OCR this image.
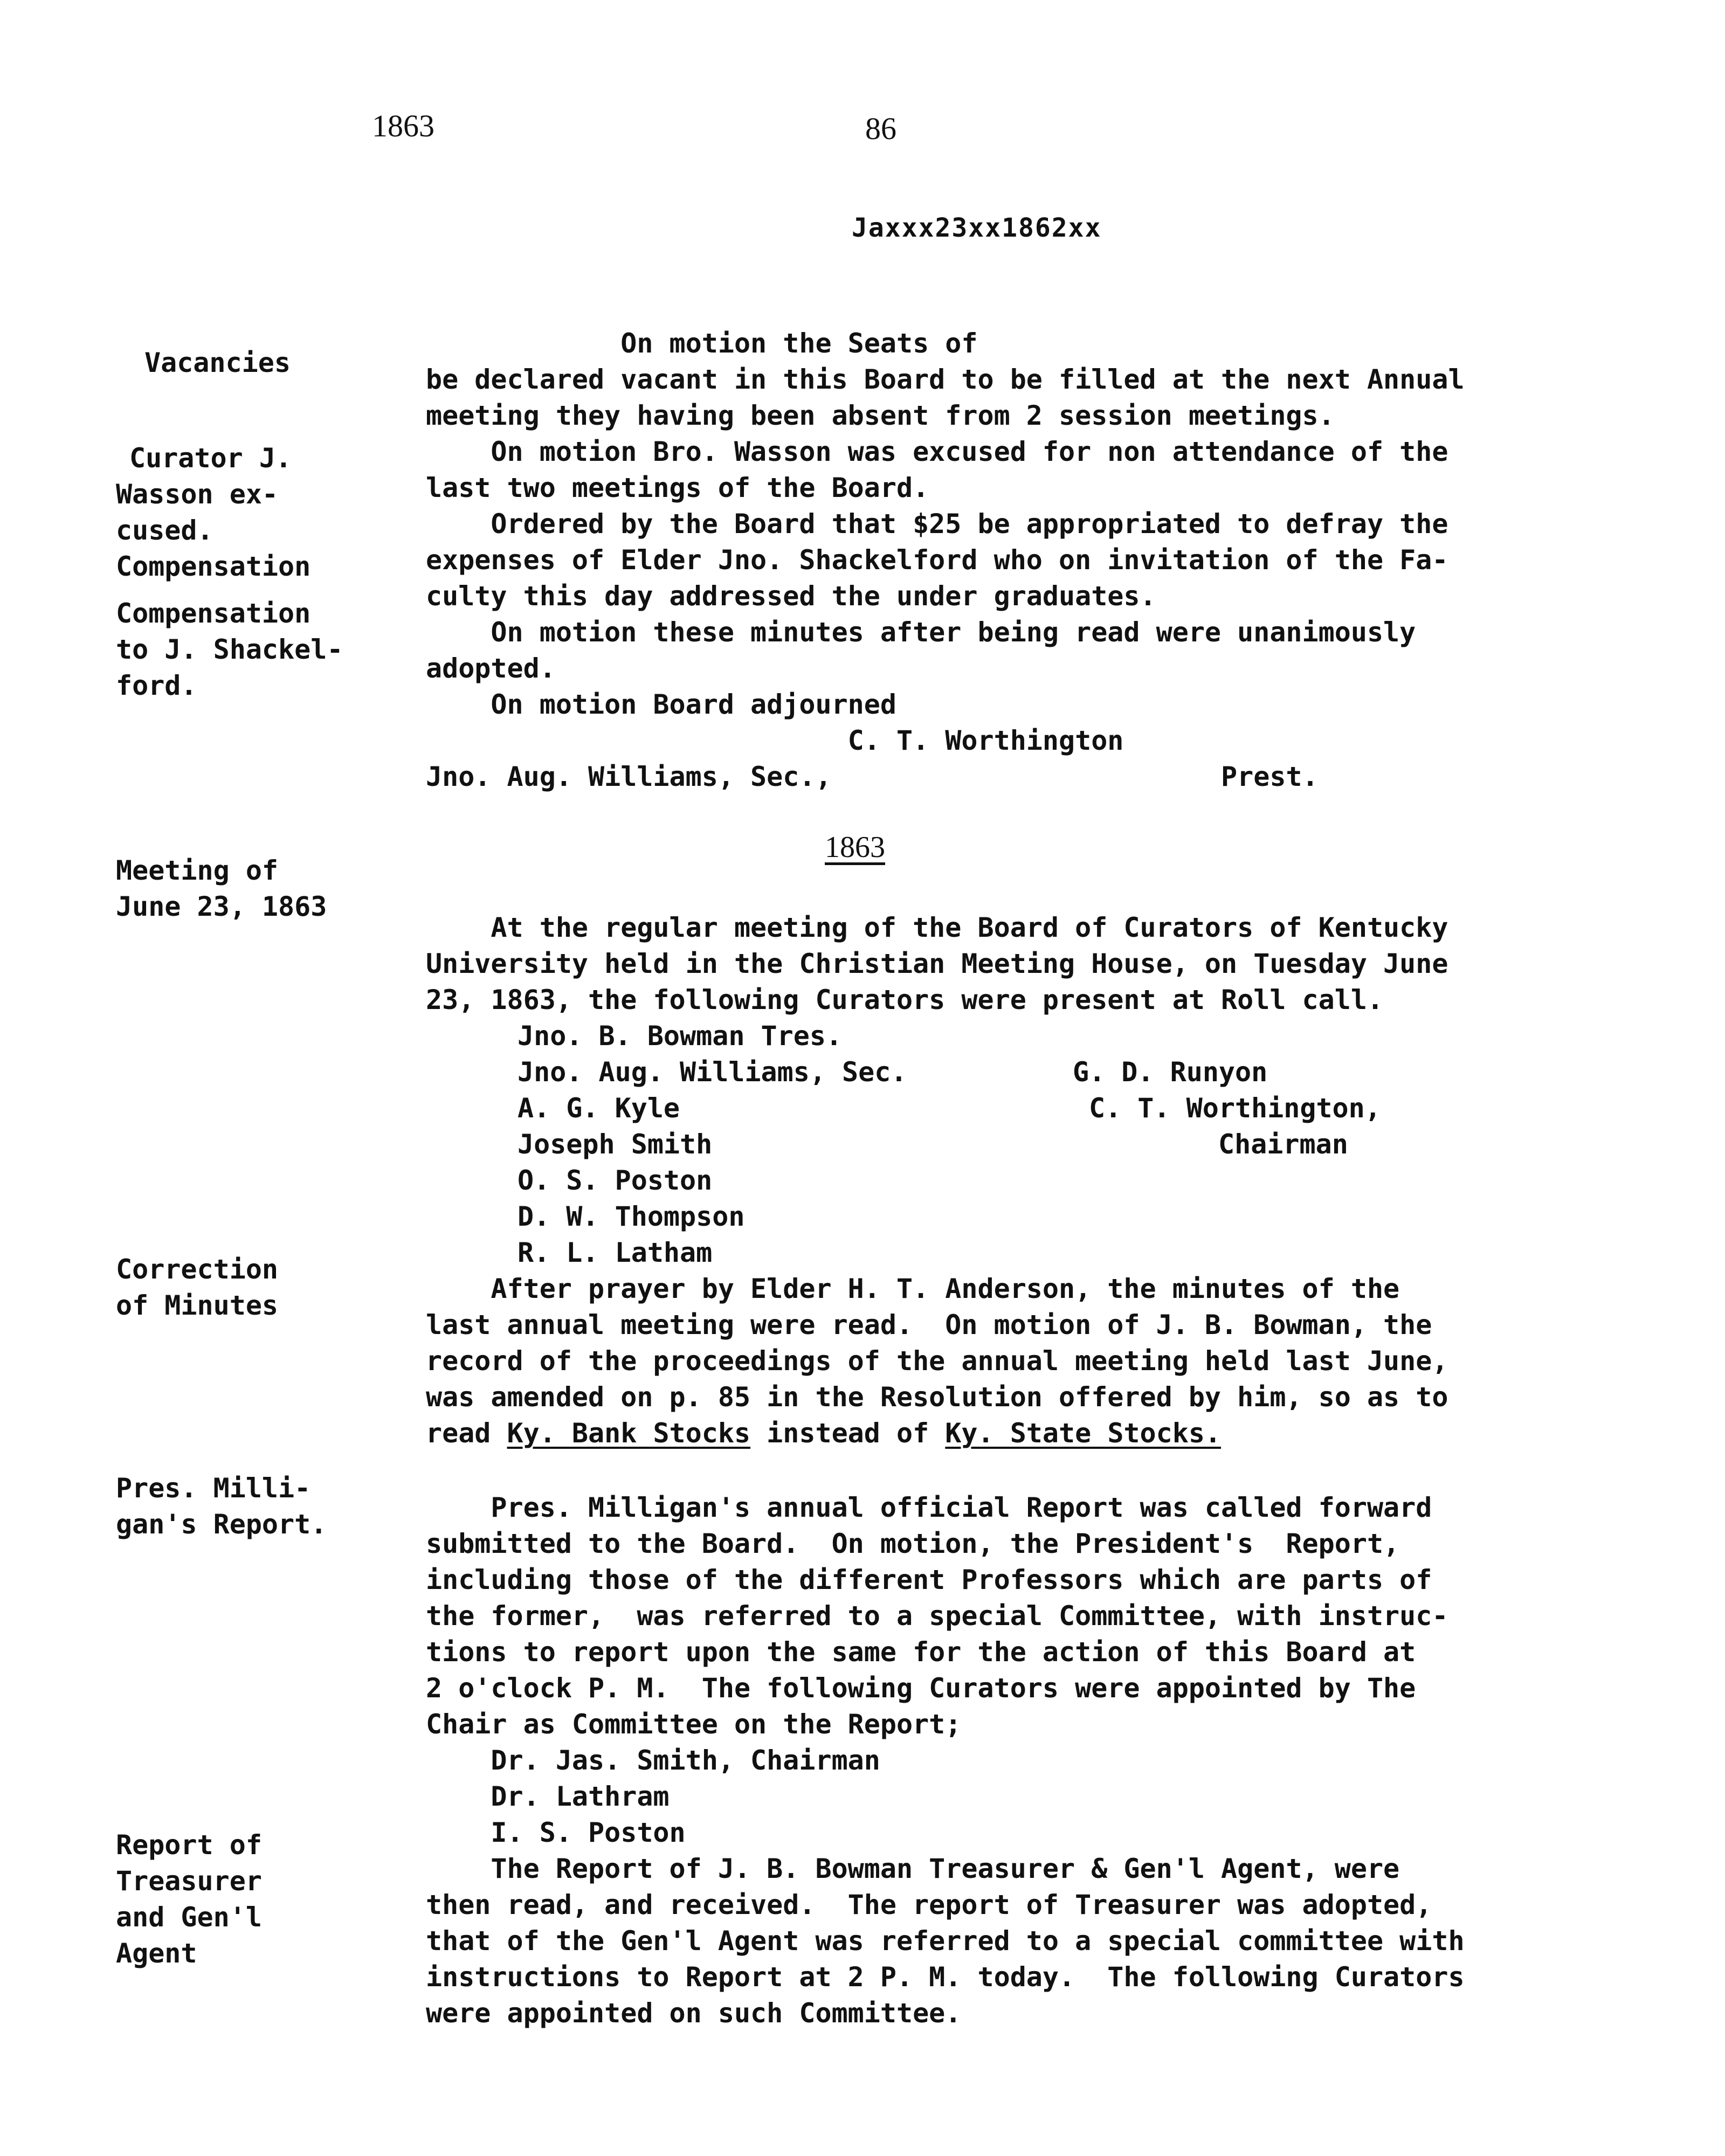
1863	86
Jaxxx23xx1862xx
Vacancies
Curator J.
Wasson ex-
cused.
Compensation
Compensation
to J. Shackel-
ford.
On motion the Seats of
be declared vacant in this Board to be filled at the next Annual
meeting they having been absent from 2 session meetings.
On motion Bro. Wasson was excused for non attendance of the
last two meetings of the Board.
Ordered by the Board that $25 be appropriated to defray the
expenses of Elder Jno. Shackelford who on invitation of the Fa-
culty this day addressed the under graduates.
On motion these minutes after being read were unanimously
adopted.
On motion Board adjourned
C. T. Worthington
Jno. Aug. Williams, Sec.,                        Prest.
1863
Meeting of
June 23, 1863
At the regular meeting of the Board of Curators of Kentucky
University held in the Christian Meeting House, on Tuesday June
23, 1863, the following Curators were present at Roll call.
Jno. B. Bowman Tres.
Jno. Aug. Williams, Sec.
A. G. Kyle
Joseph Smith
O. S. Poston
D. W. Thompson
R. L. Latham
G. D. Runyon
C. T. Worthington,
Chairman
Correction
of Minutes
After prayer by Elder H. T. Anderson, the minutes of the
last annual meeting were read.  On motion of J. B. Bowman, the
record of the proceedings of the annual meeting held last June,
was amended on p. 85 in the Resolution offered by him, so as to
read Ky. Bank Stocks instead of Ky. State Stocks.
Pres. Milli-
gan's Report.
Pres. Milligan's annual official Report was called forward
submitted to the Board.  On motion, the President's  Report,
including those of the different Professors which are parts of
the former,  was referred to a special Committee, with instruc-
tions to report upon the same for the action of this Board at
2 o'clock P. M.  The following Curators were appointed by The
Chair as Committee on the Report;
Dr. Jas. Smith, Chairman
Dr. Lathram
I. S. Poston
Report of
Treasurer
and Gen'l
Agent
The Report of J. B. Bowman Treasurer & Gen'l Agent, were
then read, and received.  The report of Treasurer was adopted,
that of the Gen'l Agent was referred to a special committee with
instructions to Report at 2 P. M. today.  The following Curators
were appointed on such Committee.
